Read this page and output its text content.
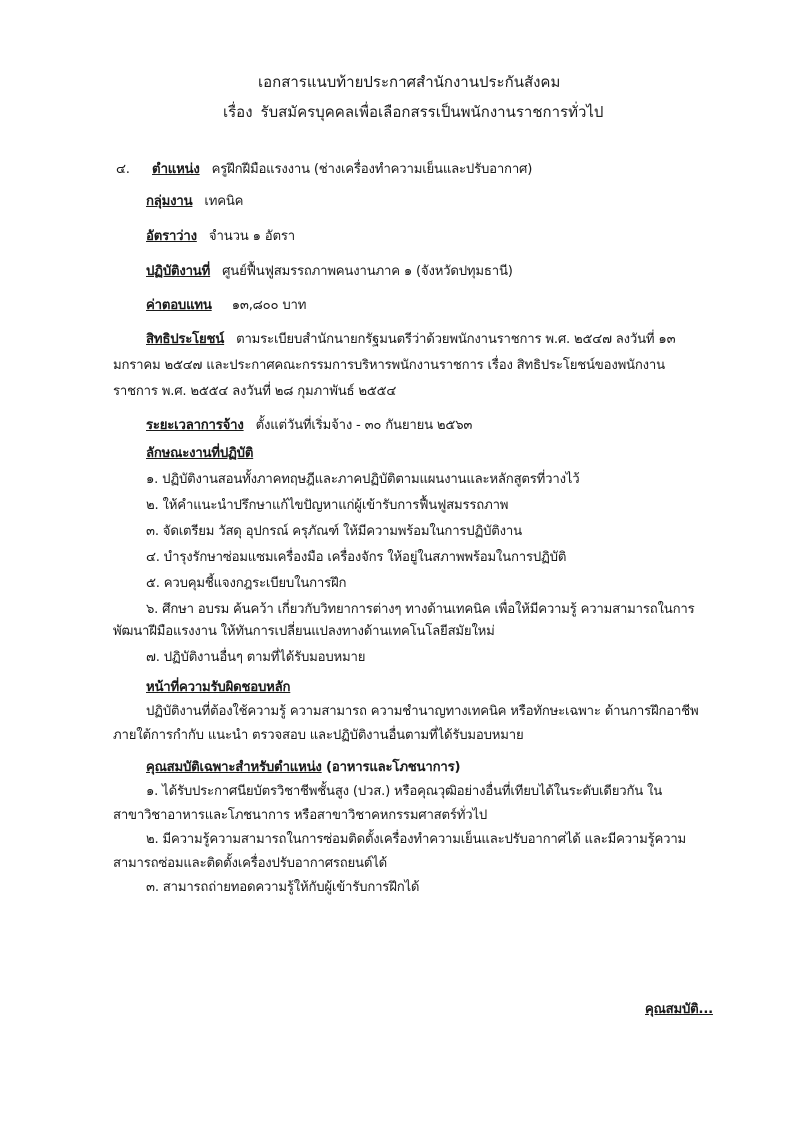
เอกสารแนบท้ายประกาศสำนักงานประกันสังคม
เรื่อง รับสมัครบุคคลเพื่อเลือกสรรเป็นพนักงานราชการทั่วไป
๔. ตำแหน่ง ครูฝึกฝีมือแรงงาน (ช่างเครื่องทำความเย็นและปรับอากาศ)
กลุ่มงาน เทคนิค
อัตราว่าง จำนวน ๑ อัตรา
ปฏิบัติงานที่ ศูนย์ฟื้นฟูสมรรถภาพคนงานภาค ๑ (จังหวัดปทุมธานี)
ค่าตอบแทน ๑๓,๘๐๐ บาท
สิทธิประโยชน์ ตามระเบียบสำนักนายกรัฐมนตรีว่าด้วยพนักงานราชการ พ.ศ. ๒๕๔๗ ลงวันที่ ๑๓
มกราคม ๒๕๔๗ และประกาศคณะกรรมการบริหารพนักงานราชการ เรื่อง สิทธิประโยชน์ของพนักงาน
ราชการ พ.ศ. ๒๕๕๔ ลงวันที่ ๒๘ กุมภาพันธ์ ๒๕๕๔
ระยะเวลาการจ้าง ตั้งแต่วันที่เริ่มจ้าง - ๓๐ กันยายน ๒๕๖๓
ลักษณะงานที่ปฏิบัติ
๑. ปฏิบัติงานสอนทั้งภาคทฤษฎีและภาคปฏิบัติตามแผนงานและหลักสูตรที่วางไว้
๒. ให้คำแนะนำปรึกษาแก้ไขปัญหาแก่ผู้เข้ารับการฟื้นฟูสมรรถภาพ
๓. จัดเตรียม วัสดุ อุปกรณ์ ครุภัณฑ์ ให้มีความพร้อมในการปฏิบัติงาน
๔. บำรุงรักษาซ่อมแซมเครื่องมือ เครื่องจักร ให้อยู่ในสภาพพร้อมในการปฏิบัติ
๕. ควบคุมชี้แจงกฎระเบียบในการฝึก
๖. ศึกษา อบรม ค้นคว้า เกี่ยวกับวิทยาการต่างๆ ทางด้านเทคนิค เพื่อให้มีความรู้ ความสามารถในการ
พัฒนาฝีมือแรงงาน ให้ทันการเปลี่ยนแปลงทางด้านเทคโนโลยีสมัยใหม่
๗. ปฏิบัติงานอื่นๆ ตามที่ได้รับมอบหมาย
หน้าที่ความรับผิดชอบหลัก
ปฏิบัติงานที่ต้องใช้ความรู้ ความสามารถ ความชำนาญทางเทคนิค หรือทักษะเฉพาะ ด้านการฝึกอาชีพ
ภายใต้การกำกับ แนะนำ ตรวจสอบ และปฏิบัติงานอื่นตามที่ได้รับมอบหมาย
คุณสมบัติเฉพาะสำหรับตำแหน่ง (อาหารและโภชนาการ)
๑. ได้รับประกาศนียบัตรวิชาชีพชั้นสูง (ปวส.) หรือคุณวุฒิอย่างอื่นที่เทียบได้ในระดับเดียวกัน ใน
สาขาวิชาอาหารและโภชนาการ หรือสาขาวิชาคหกรรมศาสตร์ทั่วไป
๒. มีความรู้ความสามารถในการซ่อมติดตั้งเครื่องทำความเย็นและปรับอากาศได้ และมีความรู้ความ
สามารถซ่อมและติดตั้งเครื่องปรับอากาศรถยนต์ได้
๓. สามารถถ่ายทอดความรู้ให้กับผู้เข้ารับการฝึกได้
คุณสมบัติ...
